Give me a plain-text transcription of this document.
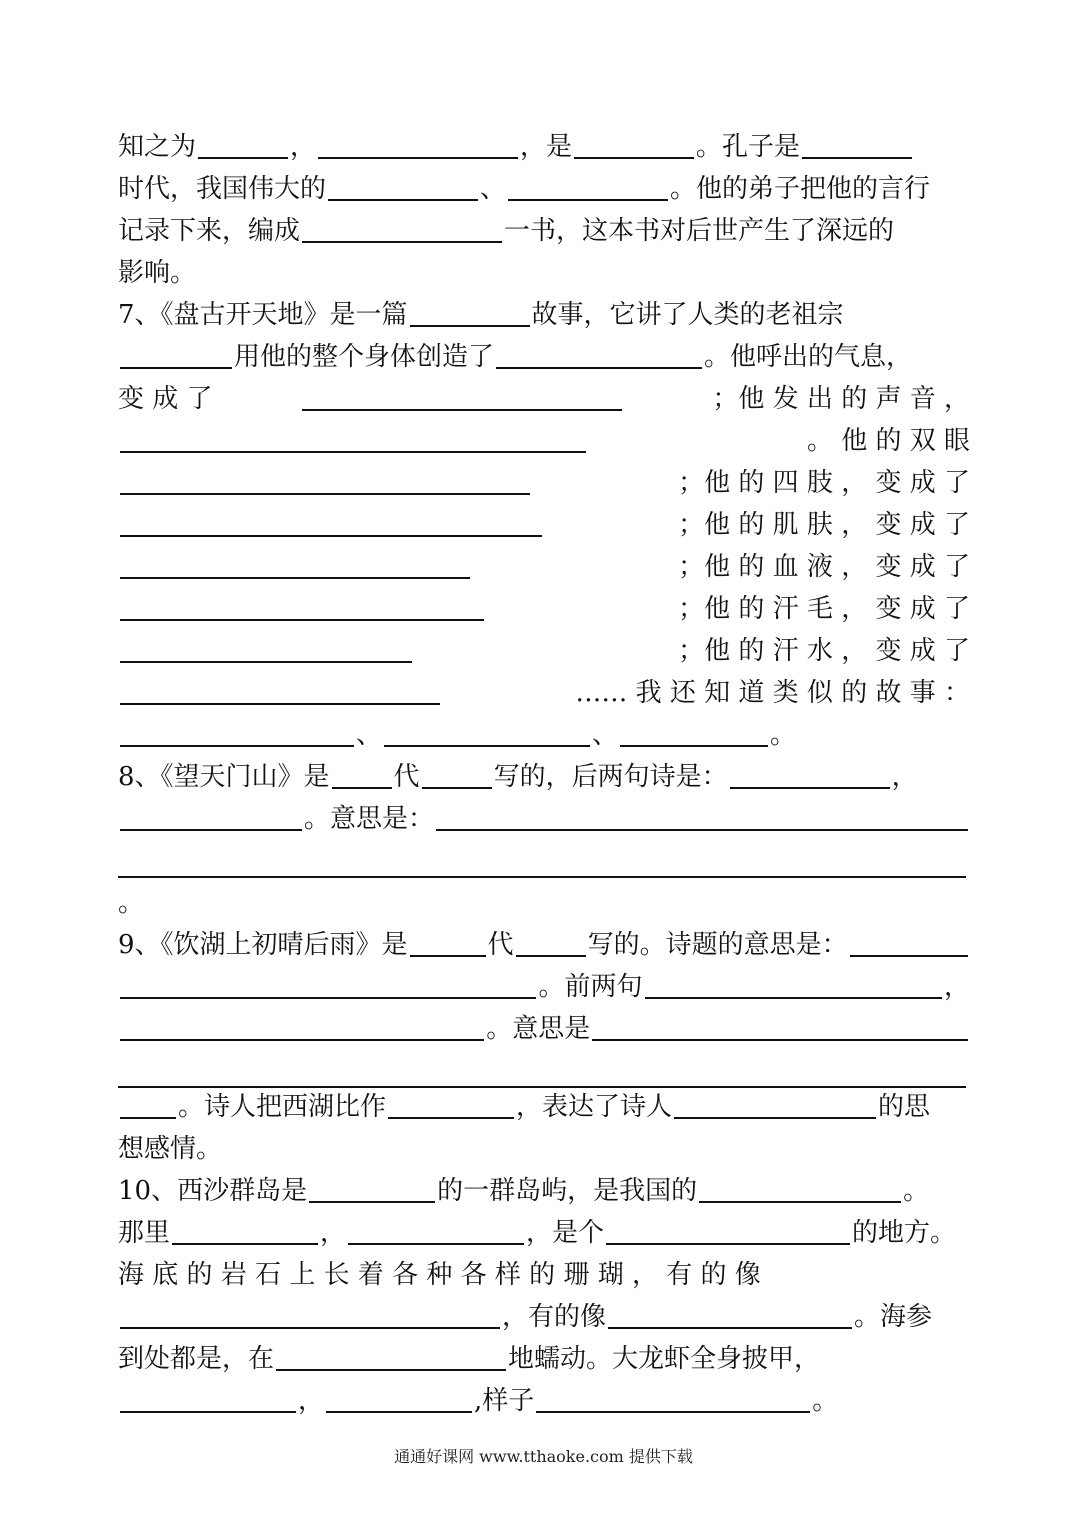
知之为	，	，是	。孔子是
时代，我国伟大的	、	。他的弟子把他的言行
记录下来，编成	一书，这本书对后世产生了深远的
影响。
7、《盘古开天地》是一篇	故事，它讲了人类的老祖宗
用他的整个身体创造了	。他呼出的气息，
变 成 了	；他 发 出 的 声 音 ，
。 他 的 双 眼
；他 的 四 肢 ， 变 成 了
；他 的 肌 肤 ， 变 成 了
；他 的 血 液 ， 变 成 了
；他 的 汗 毛 ， 变 成 了
；他 的 汗 水 ， 变 成 了
…… 我 还 知 道 类 似 的 故 事 ：
、	、	。
8、《望天门山》是 代	写的，后两句诗是：	，
。意思是：
。
9、《饮湖上初晴后雨》是	代	写的。诗题的意思是：
。前两句	，
。意思是
。诗人把西湖比作	，表达了诗人	的思
想感情。
10、西沙群岛是	的一群岛屿，是我国的	。
那里	，	，是个	的地方。
海 底 的 岩 石 上 长 着 各 种 各 样 的 珊 瑚 ， 有 的 像
，有的像	。海参
到处都是，在	地蠕动。大龙虾全身披甲，
，	,样子	。
通通好课网 www.tthaoke.com 提供下载
